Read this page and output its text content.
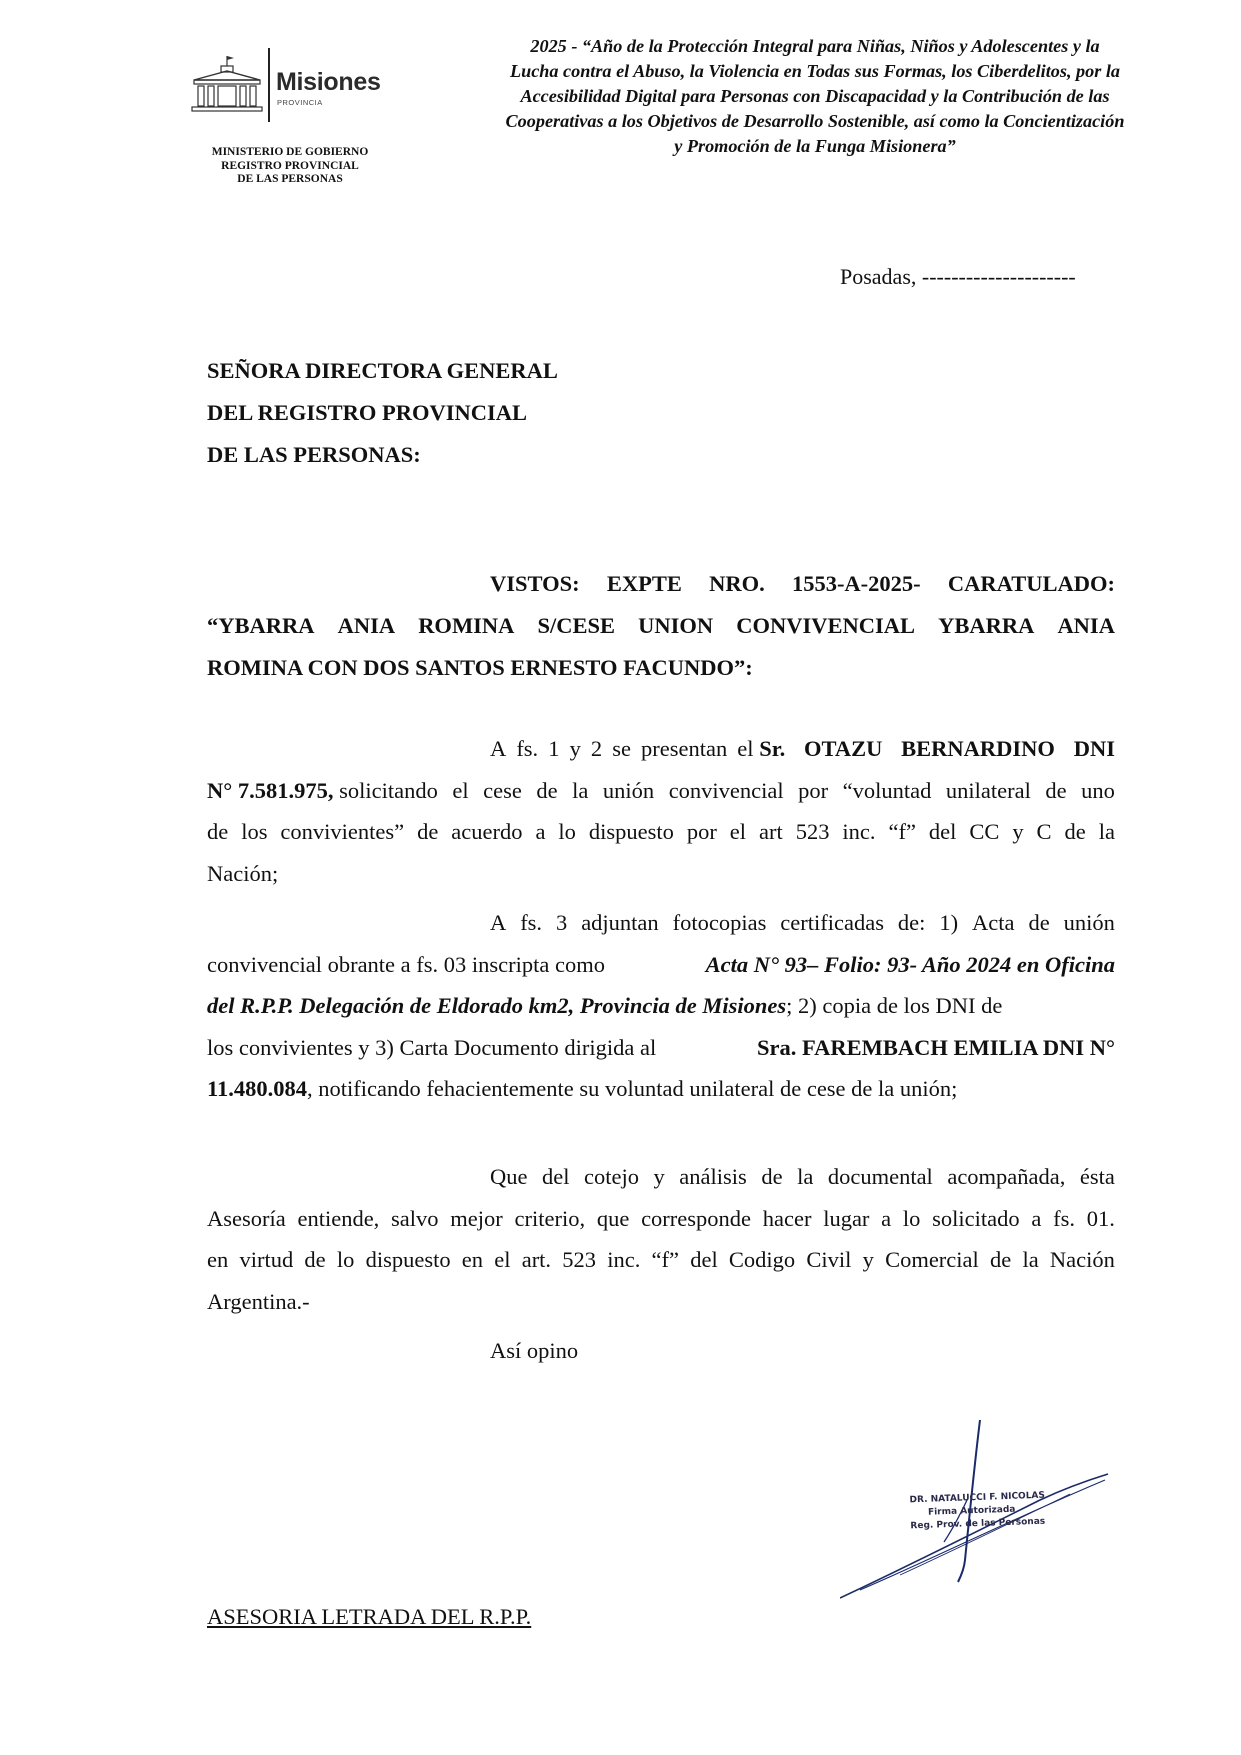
Misiones
PROVINCIA
MINISTERIO DE GOBIERNO
REGISTRO PROVINCIAL
DE LAS PERSONAS
2025 - “Año de la Protección Integral para Niñas, Niños y Adolescentes y la
Lucha contra el Abuso, la Violencia en Todas sus Formas, los Ciberdelitos, por la
Accesibilidad Digital para Personas con Discapacidad y la Contribución de las
Cooperativas a los Objetivos de Desarrollo Sostenible, así como la Concientización
y Promoción de la Funga Misionera”
Posadas, ---------------------
SEÑORA DIRECTORA GENERAL
DEL REGISTRO PROVINCIAL
DE LAS PERSONAS:
VISTOS: EXPTE NRO. 1553-A-2025- CARATULADO:
“YBARRA ANIA ROMINA S/CESE UNION CONVIVENCIAL YBARRA ANIA
ROMINA CON DOS SANTOS ERNESTO FACUNDO”:
A fs. 1 y 2 se presentan el
Sr. OTAZU BERNARDINO DNI
N° 7.581.975,
solicitando el cese de la unión convivencial por “voluntad unilateral de uno
de los convivientes” de acuerdo a lo dispuesto por el art 523 inc. “f” del CC y C de la
Nación;
A fs. 3 adjuntan fotocopias certificadas de: 1) Acta de unión
convivencial obrante a fs. 03 inscripta como	Acta N° 93– Folio: 93- Año 2024 en Oficina
del R.P.P. Delegación de Eldorado km2, Provincia de Misiones ; 2) copia de los DNI de
los convivientes y 3) Carta Documento dirigida al	Sra. FAREMBACH EMILIA DNI N°
11.480.084 , notificando fehacientemente su voluntad unilateral de cese de la unión;
Que del cotejo y análisis de la documental acompañada, ésta
Asesoría entiende, salvo mejor criterio, que corresponde hacer lugar a lo solicitado a fs. 01.
en virtud de lo dispuesto en el art. 523 inc. “f” del Codigo Civil y Comercial de la Nación
Argentina.-
Así opino
DR. NATALUCCI F. NICOLAS
Firma Autorizada
Reg. Prov. de las Personas
ASESORIA LETRADA DEL R.P.P.
